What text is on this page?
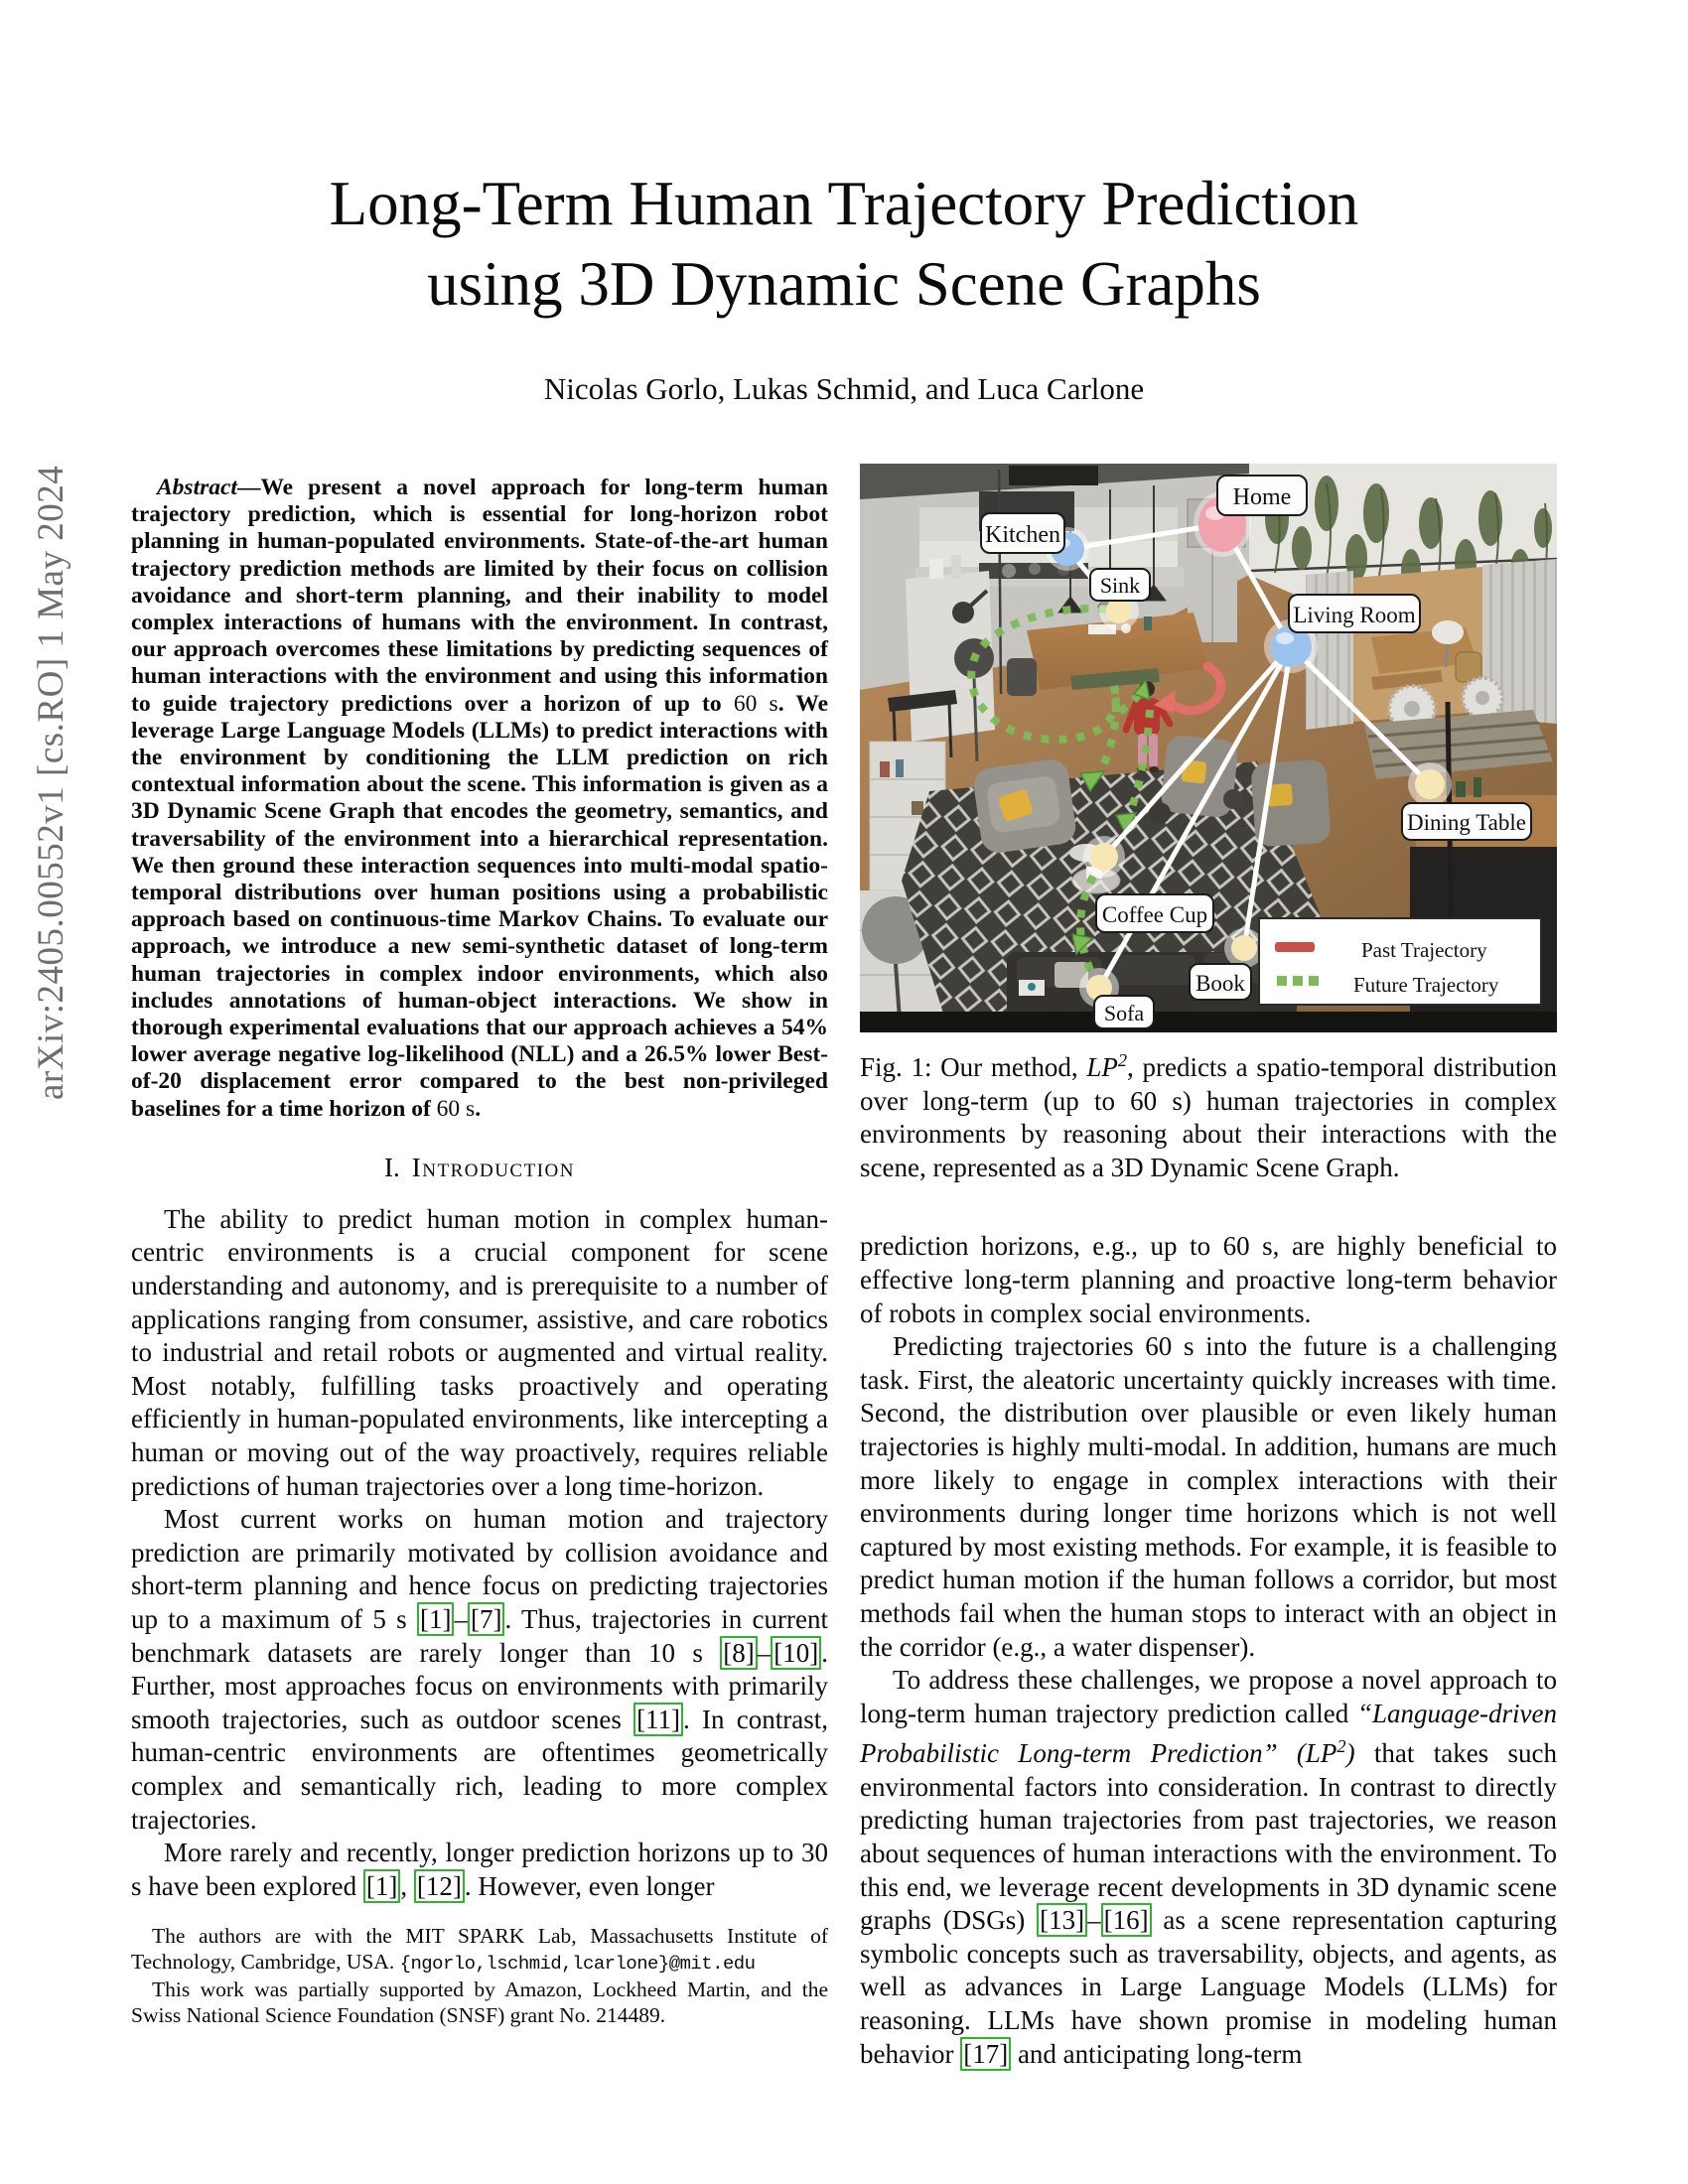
arXiv:2405.00552v1 [cs.RO] 1 May 2024
Long-Term Human Trajectory Prediction
using 3D Dynamic Scene Graphs
Nicolas Gorlo, Lukas Schmid, and Luca Carlone
Abstract—We present a novel approach for long-term human trajectory prediction, which is essential for long-horizon robot planning in human-populated environments. State-of-the-art human trajectory prediction methods are limited by their focus on collision avoidance and short-term planning, and their inability to model complex interactions of humans with the environment. In contrast, our approach overcomes these limitations by predicting sequences of human interactions with the environment and using this information to guide trajectory predictions over a horizon of up to 60 s. We leverage Large Language Models (LLMs) to predict interactions with the environment by conditioning the LLM prediction on rich contextual information about the scene. This information is given as a 3D Dynamic Scene Graph that encodes the geometry, semantics, and traversability of the environment into a hierarchical representation. We then ground these interaction sequences into multi-modal spatio-temporal distributions over human positions using a probabilistic approach based on continuous-time Markov Chains. To evaluate our approach, we introduce a new semi-synthetic dataset of long-term human trajectories in complex indoor environments, which also includes annotations of human-object interactions. We show in thorough experimental evaluations that our approach achieves a 54% lower average negative log-likelihood (NLL) and a 26.5% lower Best-of-20 displacement error compared to the best non-privileged baselines for a time horizon of 60 s.
I. Introduction

The ability to predict human motion in complex human-centric environments is a crucial component for scene understanding and autonomy, and is prerequisite to a number of applications ranging from consumer, assistive, and care robotics to industrial and retail robots or augmented and virtual reality. Most notably, fulfilling tasks proactively and operating efficiently in human-populated environments, like intercepting a human or moving out of the way proactively, requires reliable predictions of human trajectories over a long time-horizon.

Most current works on human motion and trajectory prediction are primarily motivated by collision avoidance and short-term planning and hence focus on predicting trajectories up to a maximum of 5 s [1] – [7] . Thus, trajectories in current benchmark datasets are rarely longer than 10 s [8] – [10] . Further, most approaches focus on environments with primarily smooth trajectories, such as outdoor scenes [11] . In contrast, human-centric environments are oftentimes geometrically complex and semantically rich, leading to more complex trajectories.

More rarely and recently, longer prediction horizons up to 30 s have been explored [1] , [12] . However, even longer

The authors are with the MIT SPARK Lab, Massachusetts Institute of Technology, Cambridge, USA. {ngorlo,lschmid,lcarlone}@mit.edu

This work was partially supported by Amazon, Lockheed Martin, and the Swiss National Science Foundation (SNSF) grant No. 214489.

Kitchen
Home
Sink
Living Room
Dining Table
Coffee Cup
Book
Sofa
Past Trajectory
Future Trajectory
Fig. 1: Our method, $LP^2$, predicts a spatio-temporal distribution over long-term (up to 60 s) human trajectories in complex environments by reasoning about their interactions with the scene, represented as a 3D Dynamic Scene Graph.

prediction horizons, e.g., up to 60 s, are highly beneficial to effective long-term planning and proactive long-term behavior of robots in complex social environments.

Predicting trajectories 60 s into the future is a challenging task. First, the aleatoric uncertainty quickly increases with time. Second, the distribution over plausible or even likely human trajectories is highly multi-modal. In addition, humans are much more likely to engage in complex interactions with their environments during longer time horizons which is not well captured by most existing methods. For example, it is feasible to predict human motion if the human follows a corridor, but most methods fail when the human stops to interact with an object in the corridor (e.g., a water dispenser).

To address these challenges, we propose a novel approach to long-term human trajectory prediction called “Language-driven Probabilistic Long-term Prediction” $(LP^2)$ that takes such environmental factors into consideration. In contrast to directly predicting human trajectories from past trajectories, we reason about sequences of human interactions with the environment. To this end, we leverage recent developments in 3D dynamic scene graphs (DSGs) [13] – [16] as a scene representation capturing symbolic concepts such as traversability, objects, and agents, as well as advances in Large Language Models (LLMs) for reasoning. LLMs have shown promise in modeling human behavior [17] and anticipating long-term
